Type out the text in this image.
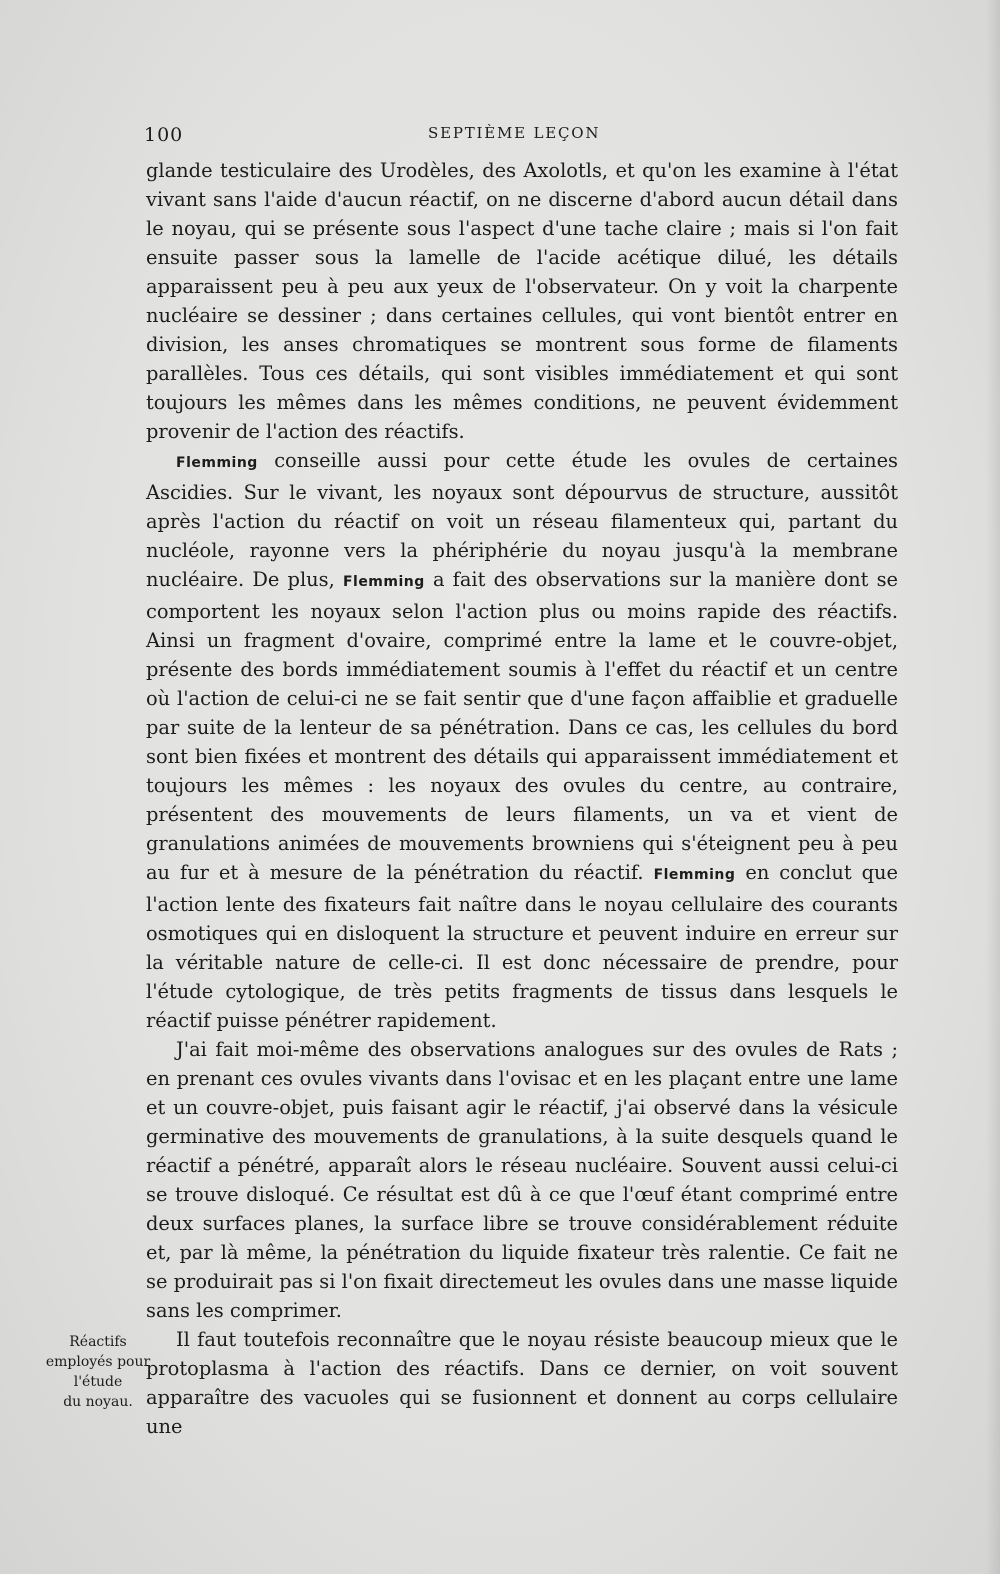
100	SEPTIÈME LEÇON

glande testiculaire des Urodèles, des Axolotls, et qu'on les examine à l'état vivant sans l'aide d'aucun réactif, on ne discerne d'abord aucun détail dans le noyau, qui se présente sous l'aspect d'une tache claire ; mais si l'on fait ensuite passer sous la lamelle de l'acide acétique dilué, les détails apparaissent peu à peu aux yeux de l'observateur. On y voit la charpente nucléaire se dessiner ; dans certaines cellules, qui vont bientôt entrer en division, les anses chromatiques se montrent sous forme de filaments parallèles. Tous ces détails, qui sont visibles immédiatement et qui sont toujours les mêmes dans les mêmes conditions, ne peuvent évidemment provenir de l'action des réactifs.

Flemming conseille aussi pour cette étude les ovules de certaines Ascidies. Sur le vivant, les noyaux sont dépourvus de structure, aussitôt après l'action du réactif on voit un réseau filamenteux qui, partant du nucléole, rayonne vers la phériphérie du noyau jusqu'à la membrane nucléaire. De plus, Flemming a fait des observations sur la manière dont se comportent les noyaux selon l'action plus ou moins rapide des réactifs. Ainsi un fragment d'ovaire, comprimé entre la lame et le couvre-objet, présente des bords immédiatement soumis à l'effet du réactif et un centre où l'action de celui-ci ne se fait sentir que d'une façon affaiblie et graduelle par suite de la lenteur de sa pénétration. Dans ce cas, les cellules du bord sont bien fixées et montrent des détails qui apparaissent immédiatement et toujours les mêmes : les noyaux des ovules du centre, au contraire, présentent des mouvements de leurs filaments, un va et vient de granulations animées de mouvements browniens qui s'éteignent peu à peu au fur et à mesure de la pénétration du réactif. Flemming en conclut que l'action lente des fixateurs fait naître dans le noyau cellulaire des courants osmotiques qui en disloquent la structure et peuvent induire en erreur sur la véritable nature de celle-ci. Il est donc nécessaire de prendre, pour l'étude cytologique, de très petits fragments de tissus dans lesquels le réactif puisse pénétrer rapidement.

J'ai fait moi-même des observations analogues sur des ovules de Rats ; en prenant ces ovules vivants dans l'ovisac et en les plaçant entre une lame et un couvre-objet, puis faisant agir le réactif, j'ai observé dans la vésicule germinative des mouvements de granulations, à la suite desquels quand le réactif a pénétré, apparaît alors le réseau nucléaire. Souvent aussi celui-ci se trouve disloqué. Ce résultat est dû à ce que l'œuf étant comprimé entre deux surfaces planes, la surface libre se trouve considérablement réduite et, par là même, la pénétration du liquide fixateur très ralentie. Ce fait ne se produirait pas si l'on fixait directemeut les ovules dans une masse liquide sans les comprimer.

Il faut toutefois reconnaître que le noyau résiste beaucoup mieux que le protoplasma à l'action des réactifs. Dans ce dernier, on voit souvent apparaître des vacuoles qui se fusionnent et donnent au corps cellulaire une

Réactifs
employés pour
l'étude
du noyau.
